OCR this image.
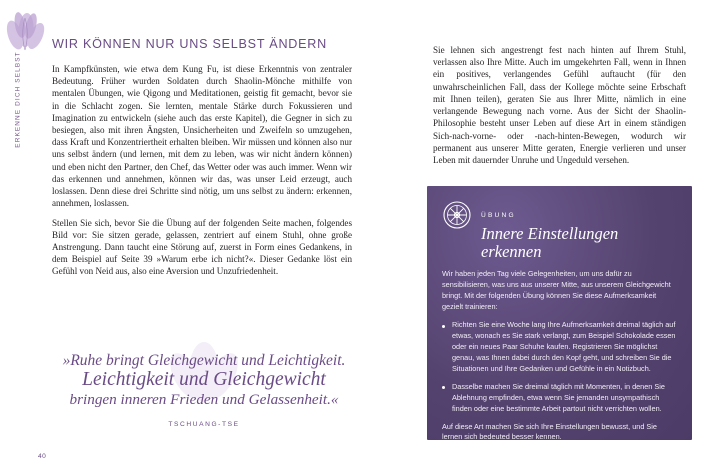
ERKENNE DICH SELBST
WIR KÖNNEN NUR UNS SELBST ÄNDERN

In Kampfkünsten, wie etwa dem Kung Fu, ist diese Erkenntnis von zentraler Bedeutung. Früher wurden Soldaten durch Shaolin-Mönche mithilfe von mentalen Übungen, wie Qigong und Meditationen, geistig fit gemacht, bevor sie in die Schlacht zogen. Sie lernten, mentale Stärke durch Fokussieren und Imagination zu entwickeln (siehe auch das erste Kapitel), die Gegner in sich zu besiegen, also mit ihren Ängsten, Unsicherheiten und Zweifeln so umzugehen, dass Kraft und Konzentriertheit erhalten bleiben. Wir müssen und können also nur uns selbst ändern (und lernen, mit dem zu leben, was wir nicht ändern können) und eben nicht den Partner, den Chef, das Wetter oder was auch immer. Wenn wir das erkennen und annehmen, können wir das, was unser Leid erzeugt, auch loslassen. Denn diese drei Schritte sind nötig, um uns selbst zu ändern: erkennen, annehmen, loslassen.

Stellen Sie sich, bevor Sie die Übung auf der folgenden Seite machen, folgendes Bild vor: Sie sitzen gerade, gelassen, zentriert auf einem Stuhl, ohne große Anstrengung. Dann taucht eine Störung auf, zuerst in Form eines Gedankens, in dem Beispiel auf Seite 39 »Warum erbe ich nicht?«. Dieser Gedanke löst ein Gefühl von Neid aus, also eine Aversion und Unzufriedenheit.

»Ruhe bringt Gleichgewicht und Leichtigkeit.
Leichtigkeit und Gleichgewicht
bringen inneren Frieden und Gelassenheit.«
TSCHUANG-TSE

Sie lehnen sich angestrengt fest nach hinten auf Ihrem Stuhl, verlassen also Ihre Mitte. Auch im umgekehrten Fall, wenn in Ihnen ein positives, verlangendes Gefühl auftaucht (für den unwahrscheinlichen Fall, dass der Kollege möchte seine Erbschaft mit Ihnen teilen), geraten Sie aus Ihrer Mitte, nämlich in eine verlangende Bewegung nach vorne. Aus der Sicht der Shaolin-Philosophie besteht unser Leben auf diese Art in einem ständigen Sich-nach-vorne- oder -nach-hinten-Bewegen, wodurch wir permanent aus unserer Mitte geraten, Energie verlieren und unser Leben mit dauernder Unruhe und Ungeduld versehen.

ÜBUNG
Innere Einstellungen erkennen

Wir haben jeden Tag viele Gelegenheiten, um uns dafür zu sensibilisieren, was uns aus unserer Mitte, aus unserem Gleichgewicht bringt. Mit der folgenden Übung können Sie diese Aufmerksamkeit gezielt trainieren:

Richten Sie eine Woche lang Ihre Aufmerksamkeit dreimal täglich auf etwas, wonach es Sie stark verlangt, zum Beispiel Schokolade essen oder ein neues Paar Schuhe kaufen. Registrieren Sie möglichst genau, was Ihnen dabei durch den Kopf geht, und schreiben Sie die Situationen und Ihre Gedanken und Gefühle in ein Notizbuch.
Dasselbe machen Sie dreimal täglich mit Momenten, in denen Sie Ablehnung empfinden, etwa wenn Sie jemanden unsympathisch finden oder eine bestimmte Arbeit partout nicht verrichten wollen.

Auf diese Art machen Sie sich Ihre Einstellungen bewusst, und Sie lernen sich bedeuted besser kennen.

40
